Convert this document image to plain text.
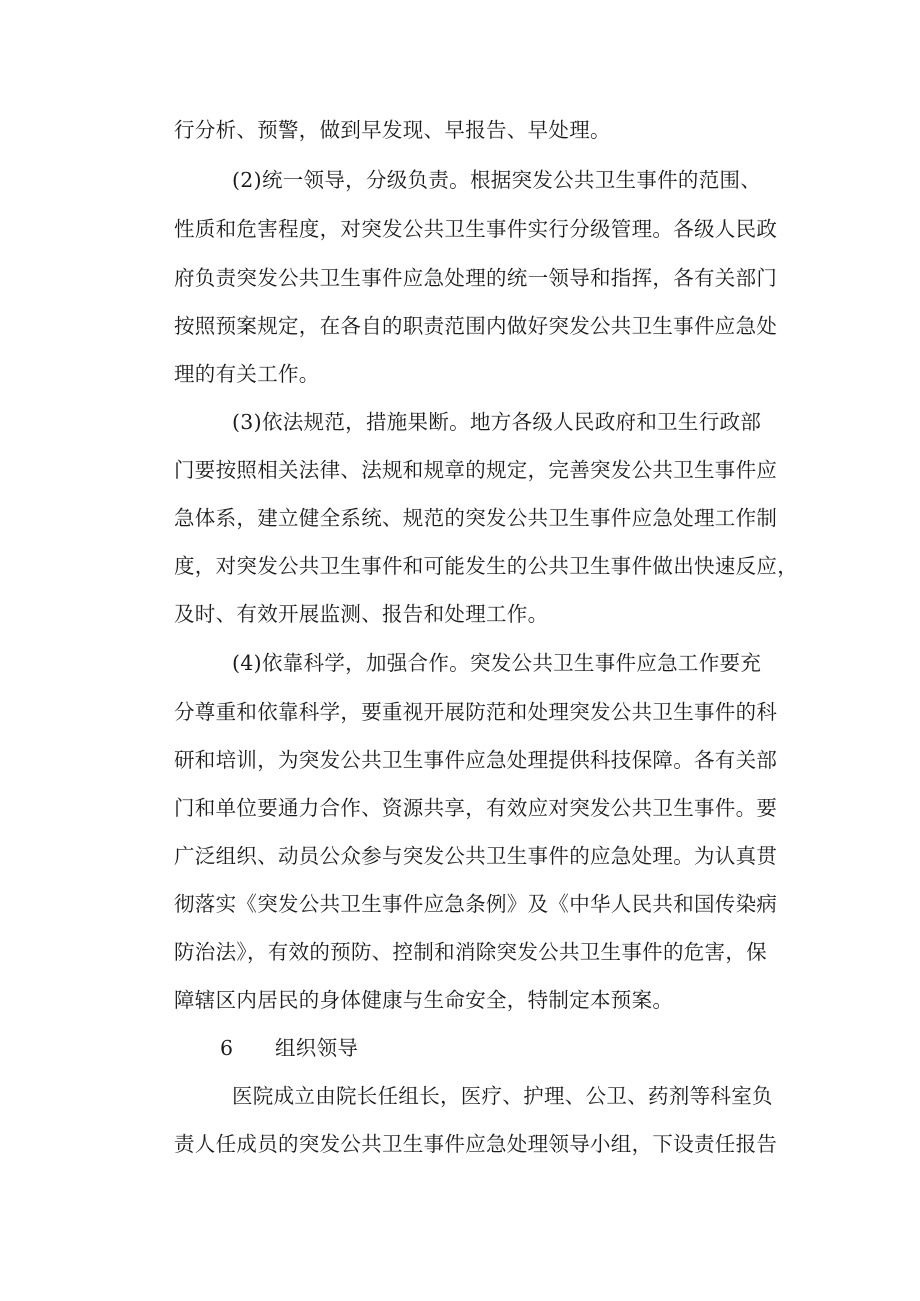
行分析、预警，做到早发现、早报告、早处理。
(2)统一领导，分级负责。根据突发公共卫生事件的范围、
性质和危害程度，对突发公共卫生事件实行分级管理。各级人民政
府负责突发公共卫生事件应急处理的统一领导和指挥，各有关部门
按照预案规定，在各自的职责范围内做好突发公共卫生事件应急处
理的有关工作。
(3)依法规范，措施果断。地方各级人民政府和卫生行政部
门要按照相关法律、法规和规章的规定，完善突发公共卫生事件应
急体系，建立健全系统、规范的突发公共卫生事件应急处理工作制
度，对突发公共卫生事件和可能发生的公共卫生事件做出快速反应，
及时、有效开展监测、报告和处理工作。
(4)依靠科学，加强合作。突发公共卫生事件应急工作要充
分尊重和依靠科学，要重视开展防范和处理突发公共卫生事件的科
研和培训，为突发公共卫生事件应急处理提供科技保障。各有关部
门和单位要通力合作、资源共享，有效应对突发公共卫生事件。要
广泛组织、动员公众参与突发公共卫生事件的应急处理。为认真贯
彻落实《突发公共卫生事件应急条例》及《中华人民共和国传染病
防治法》，有效的预防、控制和消除突发公共卫生事件的危害，保
障辖区内居民的身体健康与生命安全，特制定本预案。
6 组织领导
医院成立由院长任组长，医疗、护理、公卫、药剂等科室负
责人任成员的突发公共卫生事件应急处理领导小组，下设责任报告
